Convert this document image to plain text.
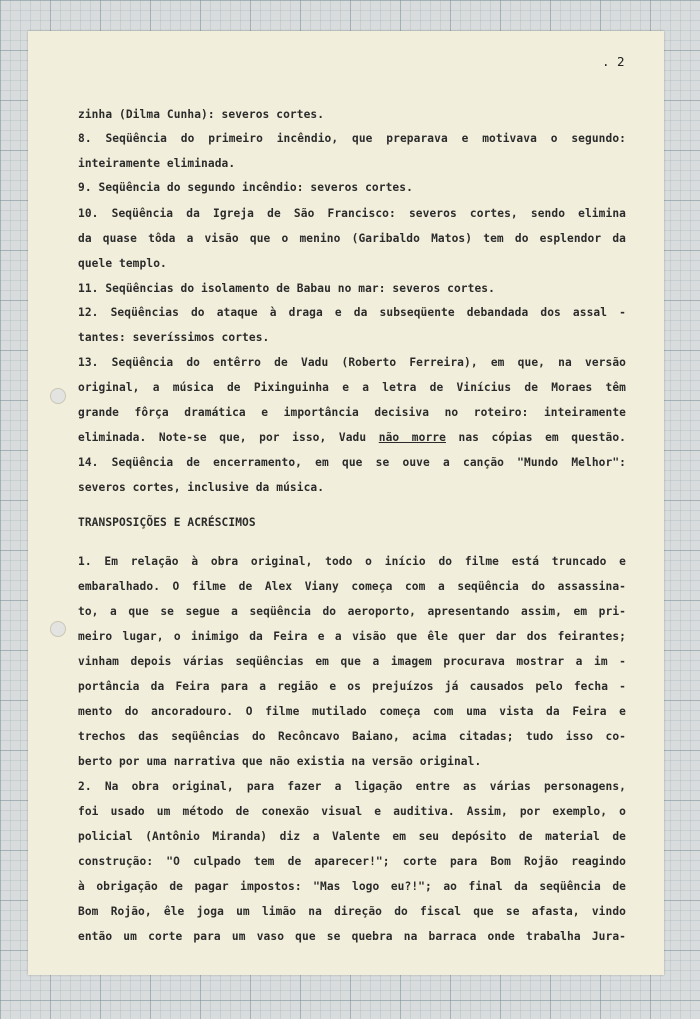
. 2
zinha (Dilma Cunha): severos cortes.
8. Seqüência do primeiro incêndio, que preparava e motivava o segundo:
inteiramente eliminada.
9. Seqüência do segundo incêndio: severos cortes.
10. Seqüência da Igreja de São Francisco: severos cortes, sendo elimina
da quase tôda a visão que o menino (Garibaldo Matos) tem do esplendor da
quele templo.
11. Seqüências do isolamento de Babau no mar: severos cortes.
12. Seqüências do ataque à draga e da subseqüente debandada dos assal -
tantes: severíssimos cortes.
13. Seqüência do entêrro de Vadu (Roberto Ferreira), em que, na versão
original, a música de Pixinguinha e a letra de Vinícius de Moraes têm
grande fôrça dramática e importância decisiva no roteiro: inteiramente
eliminada. Note-se que, por isso, Vadu não morre nas cópias em questão.
14. Seqüência de encerramento, em que se ouve a canção "Mundo Melhor":
severos cortes, inclusive da música.
TRANSPOSIÇÕES E ACRÉSCIMOS
1. Em relação à obra original, todo o início do filme está truncado e
embaralhado. O filme de Alex Viany começa com a seqüência do assassina-
to, a que se segue a seqüência do aeroporto, apresentando assim, em pri-
meiro lugar, o inimigo da Feira e a visão que êle quer dar dos feirantes;
vinham depois várias seqüências em que a imagem procurava mostrar a im -
portância da Feira para a região e os prejuízos já causados pelo fecha -
mento do ancoradouro. O filme mutilado começa com uma vista da Feira e
trechos das seqüências do Recôncavo Baiano, acima citadas; tudo isso co-
berto por uma narrativa que não existia na versão original.
2. Na obra original, para fazer a ligação entre as várias personagens,
foi usado um método de conexão visual e auditiva. Assim, por exemplo, o
policial (Antônio Miranda) diz a Valente em seu depósito de material de
construção: "O culpado tem de aparecer!"; corte para Bom Rojão reagindo
à obrigação de pagar impostos: "Mas logo eu?!"; ao final da seqüência de
Bom Rojão, êle joga um limão na direção do fiscal que se afasta, vindo
então um corte para um vaso que se quebra na barraca onde trabalha Jura-
